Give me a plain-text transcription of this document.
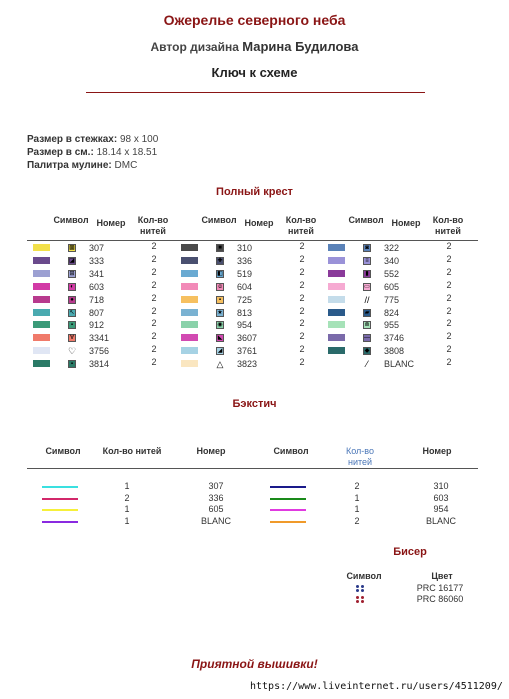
Ожерелье северного неба
Автор дизайна Марина Будилова
Ключ к схеме
Размер в стежках: 98 x 100
Размер в см.: 18.14 x 18.51
Палитра мулине: DMC
Полный крест
Символ Номер	Кол-во
нитей
Символ Номер	Кол-во
нитей
Символ Номер	Кол-во
нитей
▩ 307	2
◪ 333	2
⊞ 341	2
◐ 603	2
● 718	2
↖ 807	2
▪	912	2
∀ 3341	2
♡ 3756	2
▪	3814	2
■ 310	2
✚ 336	2
◧ 519	2
ɑ 604	2
▪	725	2
★ 813	2
◉ 954	2
◣ 3607	2
◢ 3761	2
△ 3823	2
◙ 322	2
≡ 340	2
▮ 552	2
▭ 605	2
// 775	2
▰ 824	2
⋒ 955	2
— 3746	2
◆ 3808	2
⁄	BLANC	2
Бэкстич
Символ	Кол-во нитей	Номер	Символ	Кол-во
нитей
Номер
1	307
2	336
1	605
1	BLANC
2	310
1	603
1	954
2	BLANC
Бисер
Символ	Цвет
PRC 16177
PRC 86060
Приятной вышивки!
https://www.liveinternet.ru/users/4511209/
